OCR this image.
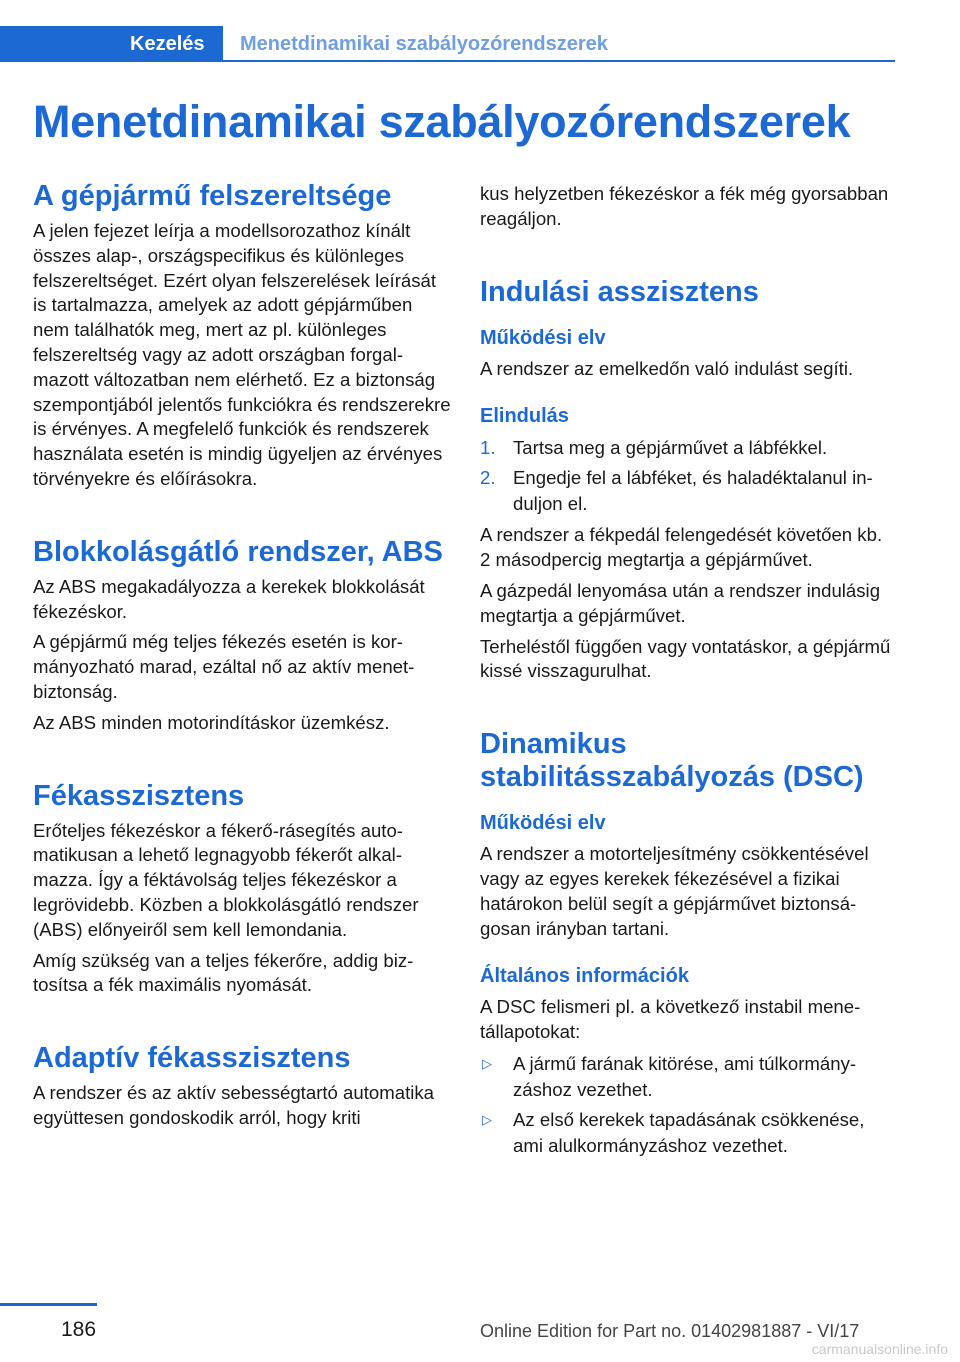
Kezelés	Menetdinamikai szabályozórendszerek
Menetdinamikai szabályozórendszerek
A gépjármű felszereltsége

A jelen fejezet leírja a modellsorozathoz kínált összes alap-, országspecifikus és különleges felszereltséget. Ezért olyan felszerelések leírását is tartalmazza, amelyek az adott gépjárműben nem találhatók meg, mert az pl. különleges felszereltség vagy az adott országban forgalmazott változatban nem elérhető. Ez a biztonság szempontjából jelentős funkciókra és rendszerekre is érvényes. A megfelelő funkciók és rendszerek használata esetén is mindig ügyeljen az érvényes törvényekre és előírásokra.

Blokkolásgátló rendszer, ABS

Az ABS megakadályozza a kerekek blokkolását fékezéskor.

A gépjármű még teljes fékezés esetén is kormányozható marad, ezáltal nő az aktív menetbiztonság.

Az ABS minden motorindításkor üzemkész.

Fékasszisztens

Erőteljes fékezéskor a fékerő-rásegítés automatikusan a lehető legnagyobb fékerőt alkalmazza. Így a féktávolság teljes fékezéskor a legrövidebb. Közben a blokkolásgátló rendszer (ABS) előnyeiről sem kell lemondania.

Amíg szükség van a teljes fékerőre, addig biztosítsa a fék maximális nyomását.

Adaptív fékasszisztens

A rendszer és az aktív sebességtartó automatika együttesen gondoskodik arról, hogy kriti

kus helyzetben fékezéskor a fék még gyorsabban reagáljon.

Indulási asszisztens
Működési elv

A rendszer az emelkedőn való indulást segíti.

Elindulás
1. Tartsa meg a gépjárművet a lábfékkel.
2. Engedje fel a lábféket, és haladéktalanul induljon el.

A rendszer a fékpedál felengedését követően kb. 2 másodpercig megtartja a gépjárművet.

A gázpedál lenyomása után a rendszer indulásig megtartja a gépjárművet.

Terheléstől függően vagy vontatáskor, a gépjármű kissé visszagurulhat.

Dinamikus stabilitásszabályozás (DSC)
Működési elv

A rendszer a motorteljesítmény csökkentésével vagy az egyes kerekek fékezésével a fizikai határokon belül segít a gépjárművet biztonságosan irányban tartani.

Általános információk

A DSC felismeri pl. a következő instabil menetállapotokat:

▷ A jármű farának kitörése, ami túlkormányzáshoz vezethet.
▷ Az első kerekek tapadásának csökkenése, ami alulkormányzáshoz vezethet.
186	Online Edition for Part no. 01402981887 - VI/17
carmanualsonline.info
